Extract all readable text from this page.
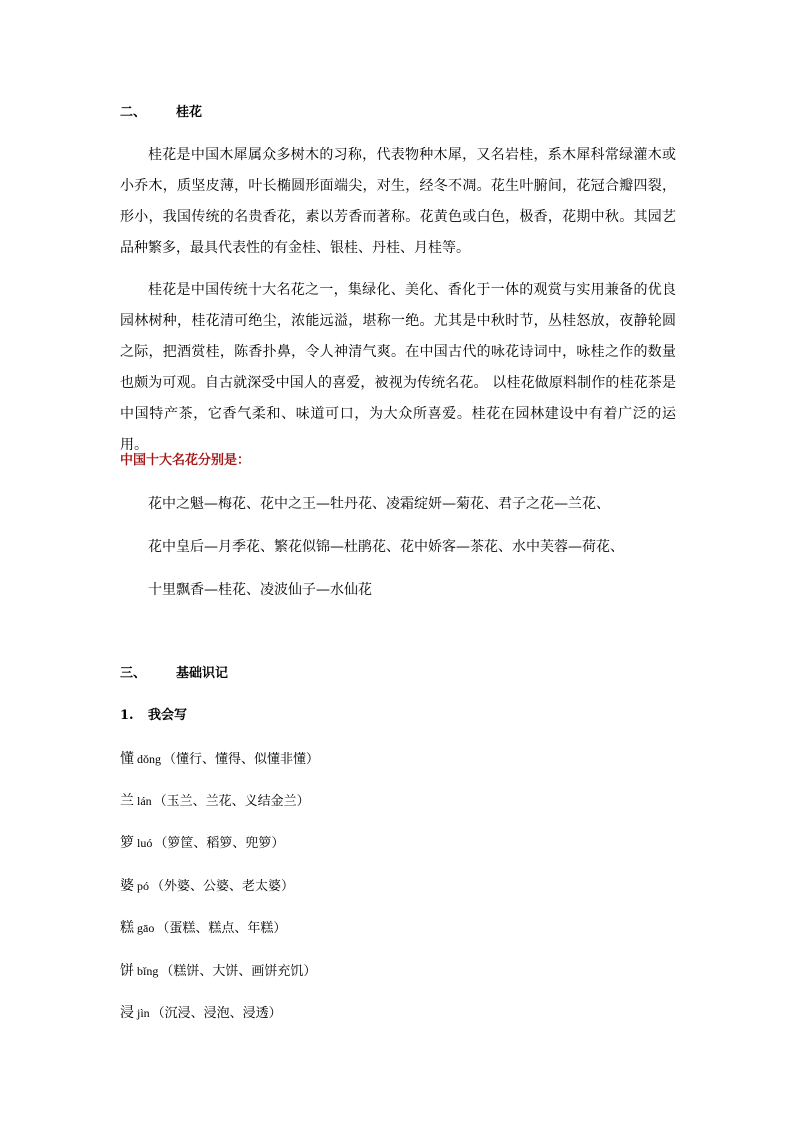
二、 桂花

桂花是中国木犀属众多树木的习称，代表物种木犀，又名岩桂，系木犀科常绿灌木或小乔木，质坚皮薄，叶长椭圆形面端尖，对生，经冬不凋。花生叶腑间，花冠合瓣四裂，形小，我国传统的名贵香花，素以芳香而著称。花黄色或白色，极香，花期中秋。其园艺品种繁多，最具代表性的有金桂、银桂、丹桂、月桂等。

桂花是中国传统十大名花之一，集绿化、美化、香化于一体的观赏与实用兼备的优良园林树种，桂花清可绝尘，浓能远溢，堪称一绝。尤其是中秋时节，丛桂怒放，夜静轮圆之际，把酒赏桂，陈香扑鼻，令人神清气爽。在中国古代的咏花诗词中，咏桂之作的数量也颇为可观。自古就深受中国人的喜爱，被视为传统名花。 以桂花做原料制作的桂花茶是中国特产茶，它香气柔和、味道可口，为大众所喜爱。桂花在园林建设中有着广泛的运用。

中国十大名花分别是：
花中之魁—梅花、花中之王—牡丹花、凌霜绽妍—菊花、君子之花—兰花、
花中皇后—月季花、繁花似锦—杜鹃花、花中娇客—茶花、水中芙蓉—荷花、
十里飘香—桂花、凌波仙子—水仙花
三、 基础识记
1. 我会写
懂 dǒng （懂行、懂得、似懂非懂）
兰 lán （玉兰、兰花、义结金兰）
箩 luó （箩筐、稻箩、兜箩）
婆 pó （外婆、公婆、老太婆）
糕 gāo （蛋糕、糕点、年糕）
饼 bǐng （糕饼、大饼、画饼充饥）
浸 jìn （沉浸、浸泡、浸透）
